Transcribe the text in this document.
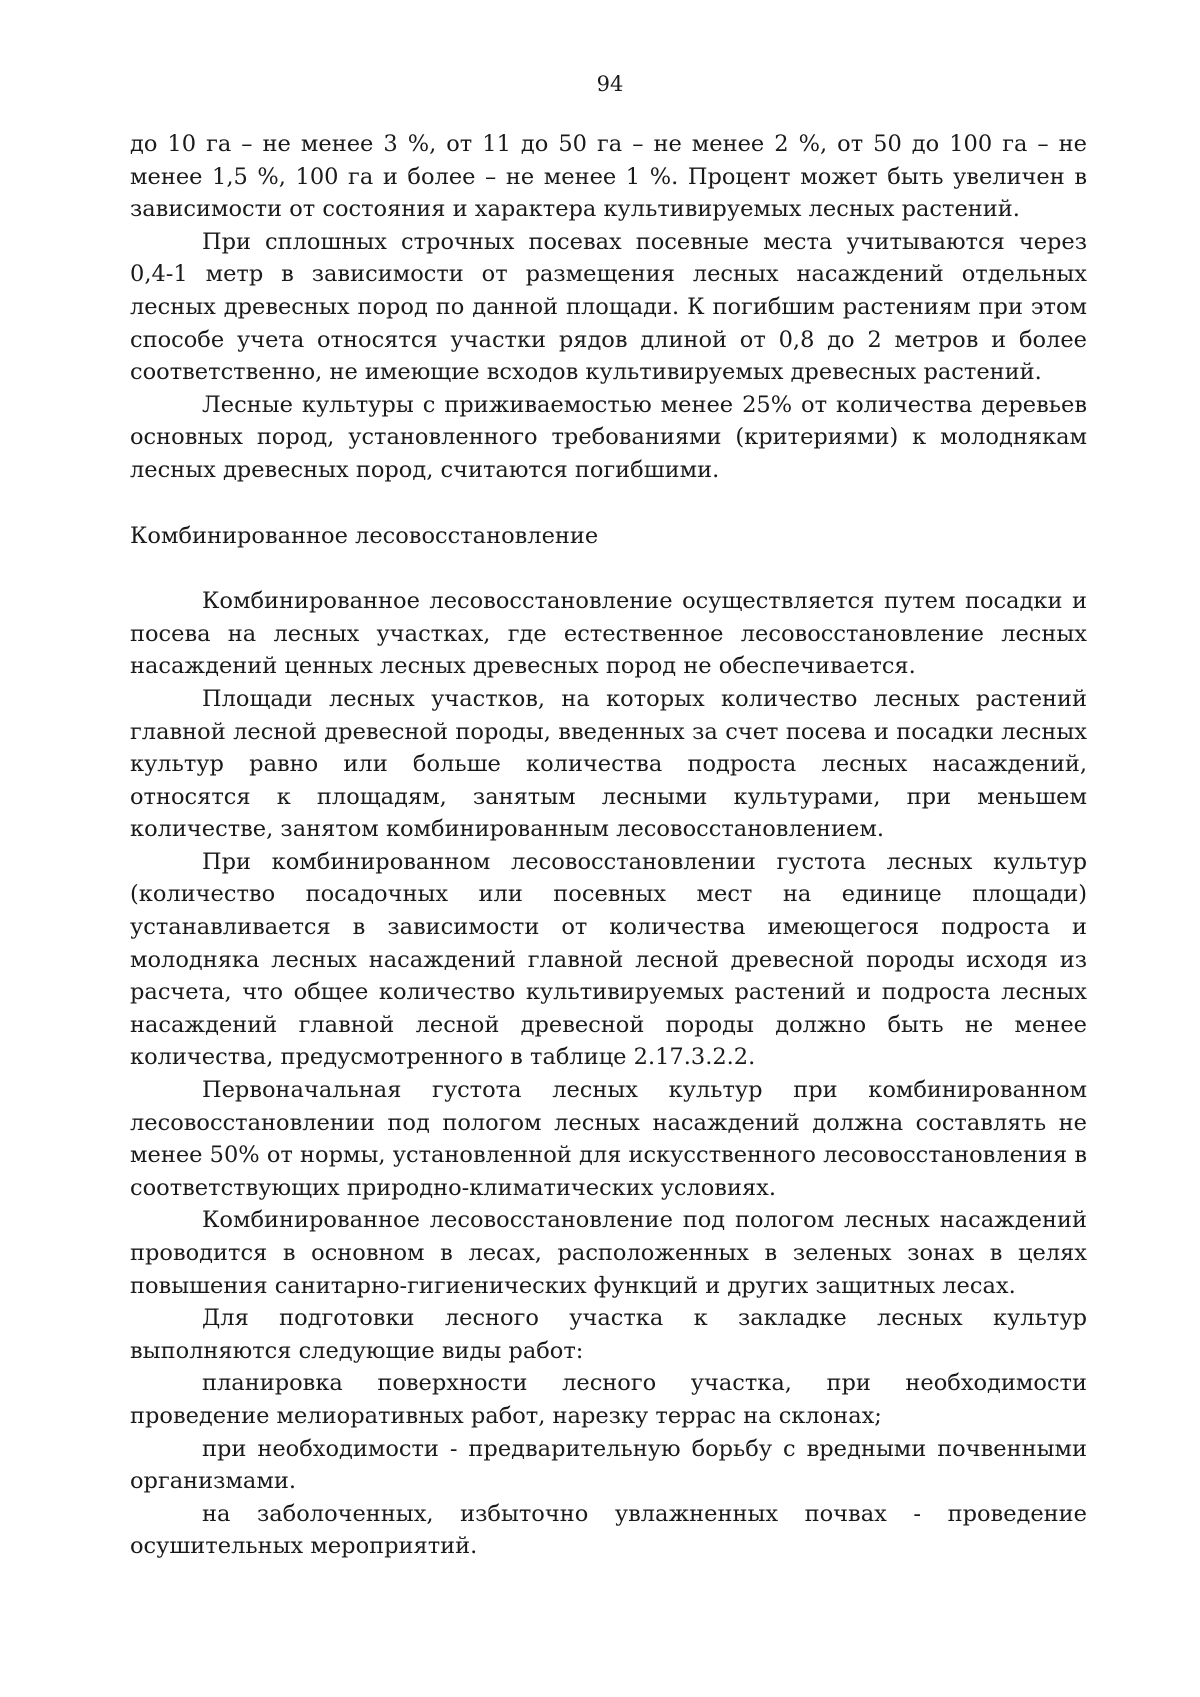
94

до 10 га – не менее 3 %, от 11 до 50 га – не менее 2 %, от 50 до 100 га – не менее 1,5 %, 100 га и более – не менее 1 %. Процент может быть увеличен в зависимости от состояния и характера культивируемых лесных растений.

При сплошных строчных посевах посевные места учитываются через 0,4-1 метр в зависимости от размещения лесных насаждений отдельных лесных древесных пород по данной площади. К погибшим растениям при этом способе учета относятся участки рядов длиной от 0,8 до 2 метров и более соответственно, не имеющие всходов культивируемых древесных растений.

Лесные культуры с приживаемостью менее 25% от количества деревьев основных пород, установленного требованиями (критериями) к молоднякам лесных древесных пород, считаются погибшими.

Комбинированное лесовосстановление

Комбинированное лесовосстановление осуществляется путем посадки и посева на лесных участках, где естественное лесовосстановление лесных насаждений ценных лесных древесных пород не обеспечивается.

Площади лесных участков, на которых количество лесных растений главной лесной древесной породы, введенных за счет посева и посадки лесных культур равно или больше количества подроста лесных насаждений, относятся к площадям, занятым лесными культурами, при меньшем количестве, занятом комбинированным лесовосстановлением.

При комбинированном лесовосстановлении густота лесных культур (количество посадочных или посевных мест на единице площади) устанавливается в зависимости от количества имеющегося подроста и молодняка лесных насаждений главной лесной древесной породы исходя из расчета, что общее количество культивируемых растений и подроста лесных насаждений главной лесной древесной породы должно быть не менее количества, предусмотренного в таблице 2.17.3.2.2.

Первоначальная густота лесных культур при комбинированном лесовосстановлении под пологом лесных насаждений должна составлять не менее 50% от нормы, установленной для искусственного лесовосстановления в соответствующих природно-климатических условиях.

Комбинированное лесовосстановление под пологом лесных насаждений проводится в основном в лесах, расположенных в зеленых зонах в целях повышения санитарно-гигиенических функций и других защитных лесах.

Для подготовки лесного участка к закладке лесных культур выполняются следующие виды работ:

планировка поверхности лесного участка, при необходимости проведение мелиоративных работ, нарезку террас на склонах;

при необходимости - предварительную борьбу с вредными почвенными организмами.

на заболоченных, избыточно увлажненных почвах - проведение осушительных мероприятий.
